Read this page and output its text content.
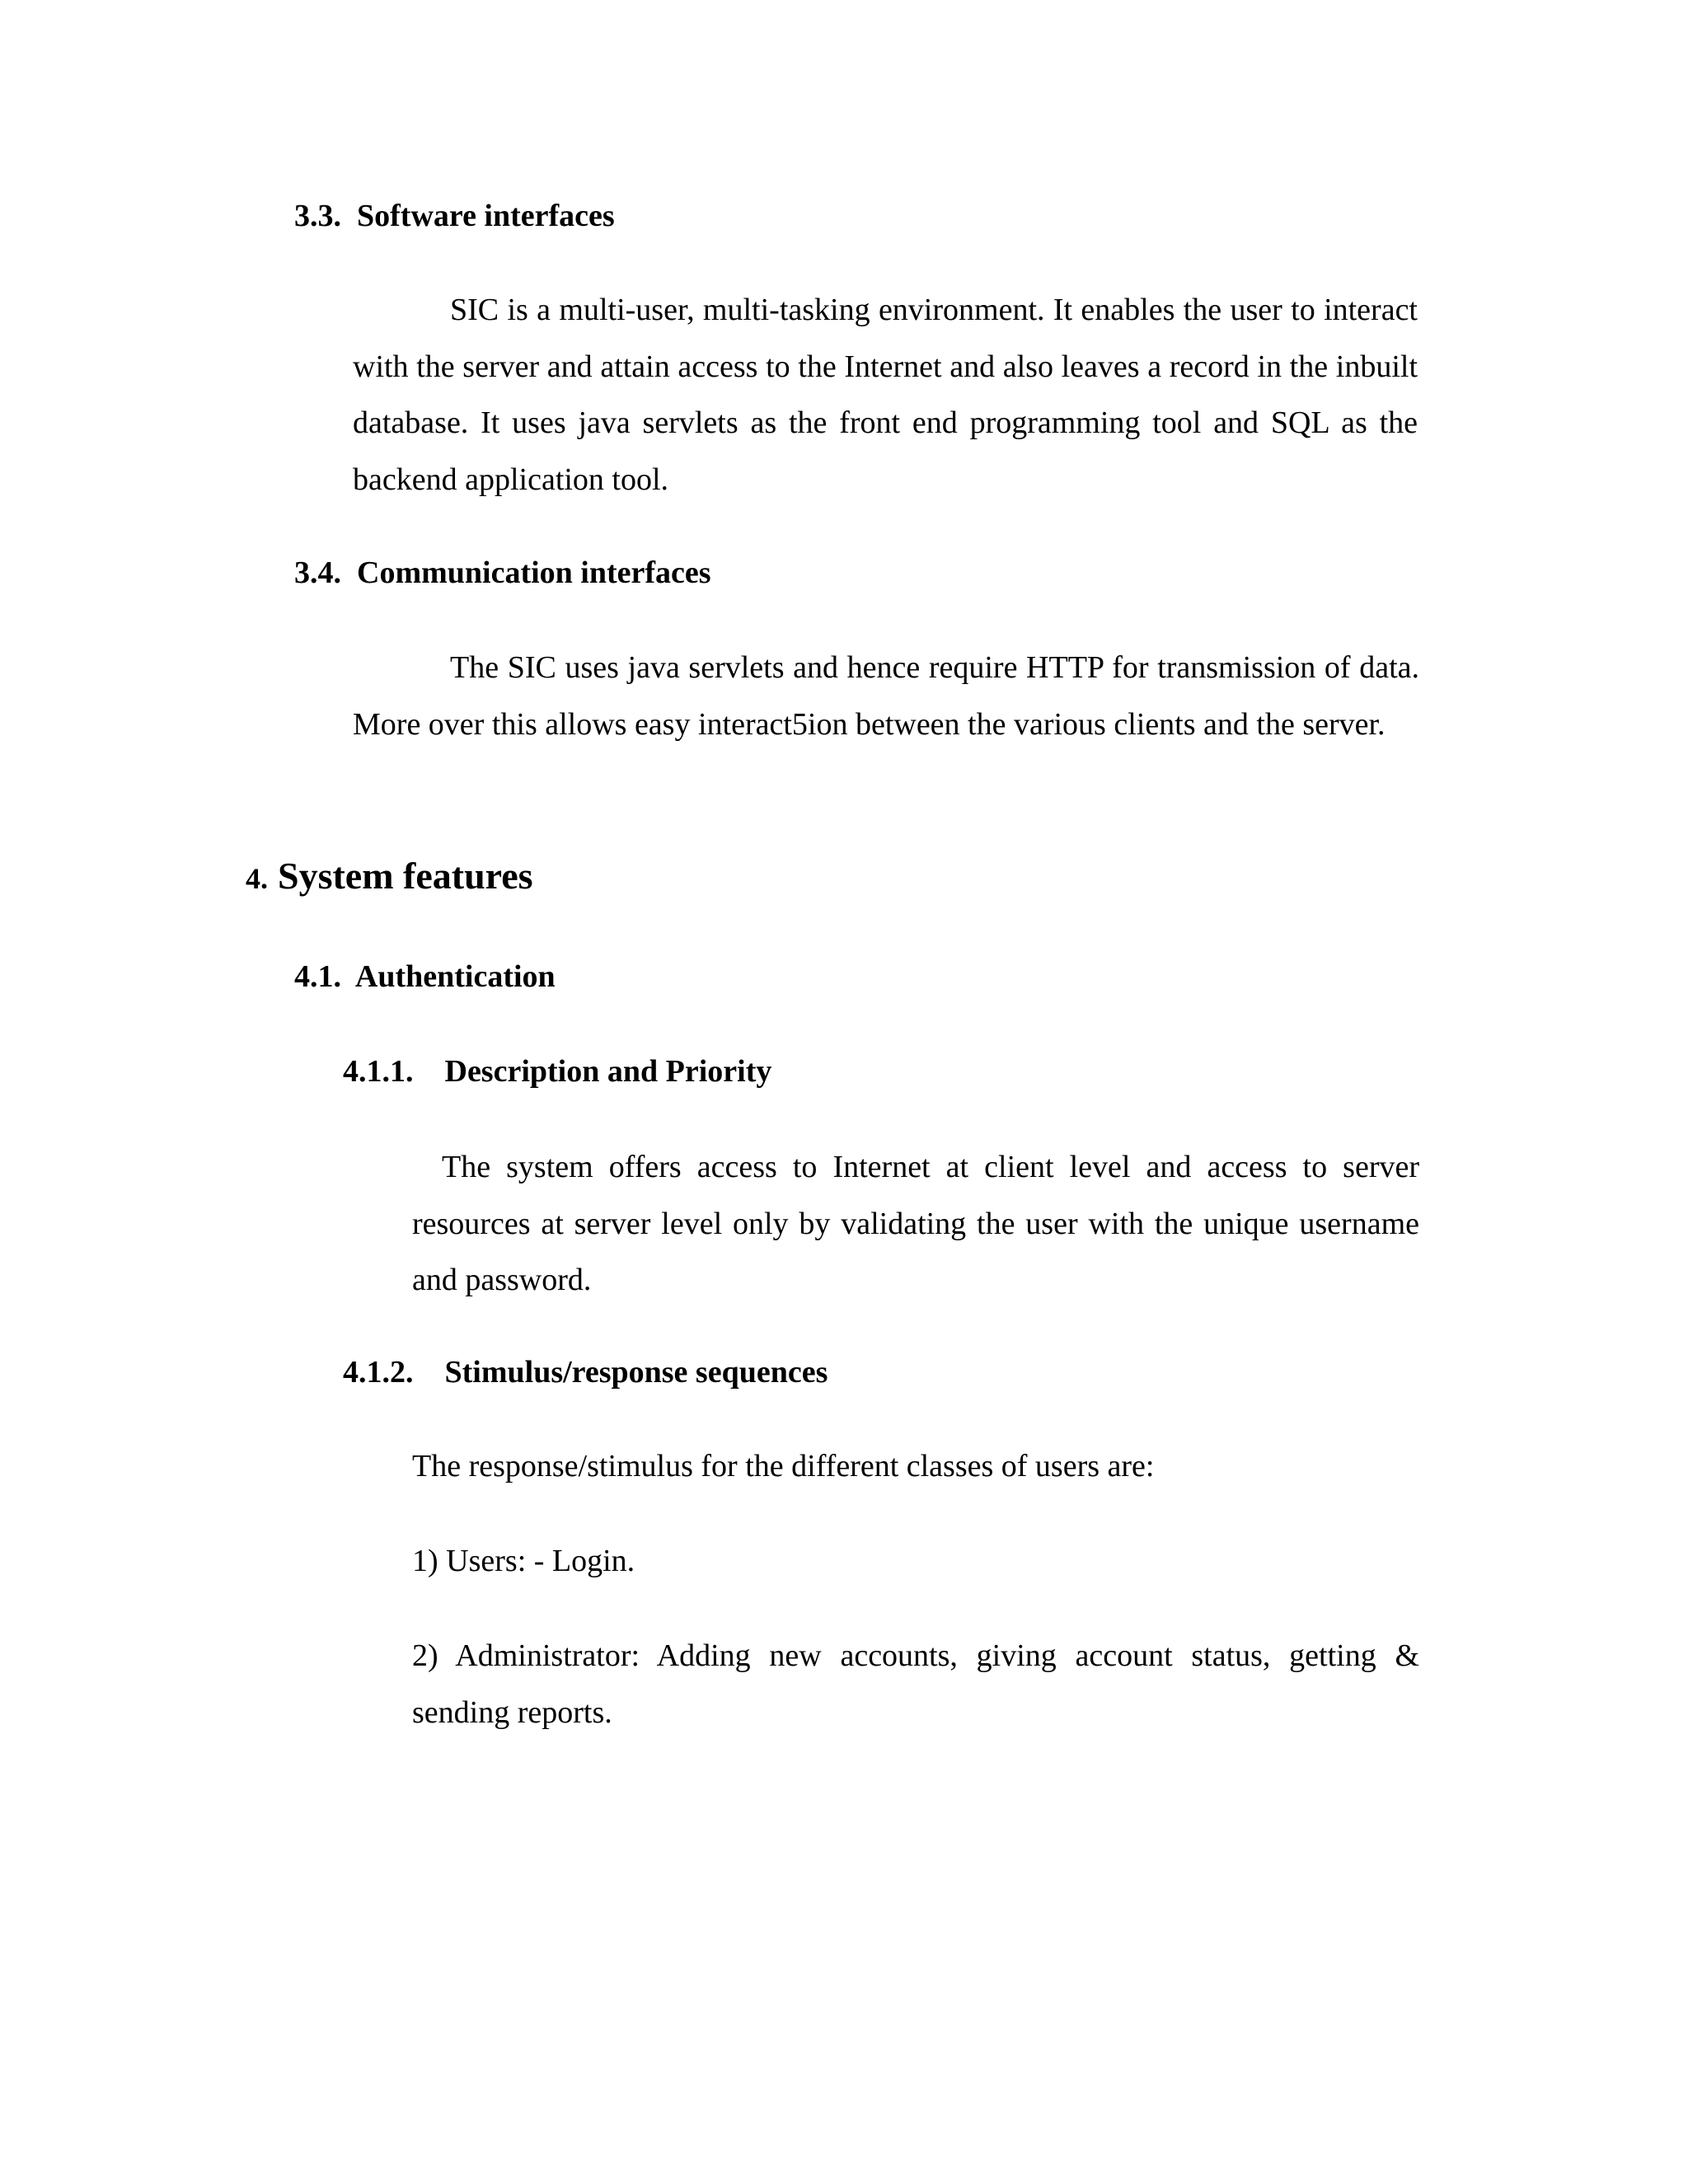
3.3. Software interfaces
SIC is a multi-user, multi-tasking environment. It enables the user to interact with the server and attain access to the Internet and also leaves a record in the inbuilt database. It uses java servlets as the front end programming tool and SQL as the backend application tool.
3.4. Communication interfaces
The SIC uses java servlets and hence require HTTP for transmission of data. More over this allows easy interact5ion between the various clients and the server.
4. System features
4.1. Authentication
4.1.1. Description and Priority
The system offers access to Internet at client level and access to server resources at server level only by validating the user with the unique username and password.
4.1.2. Stimulus/response sequences
The response/stimulus for the different classes of users are:
1) Users: - Login.
2) Administrator: Adding new accounts, giving account status, getting & sending reports.
